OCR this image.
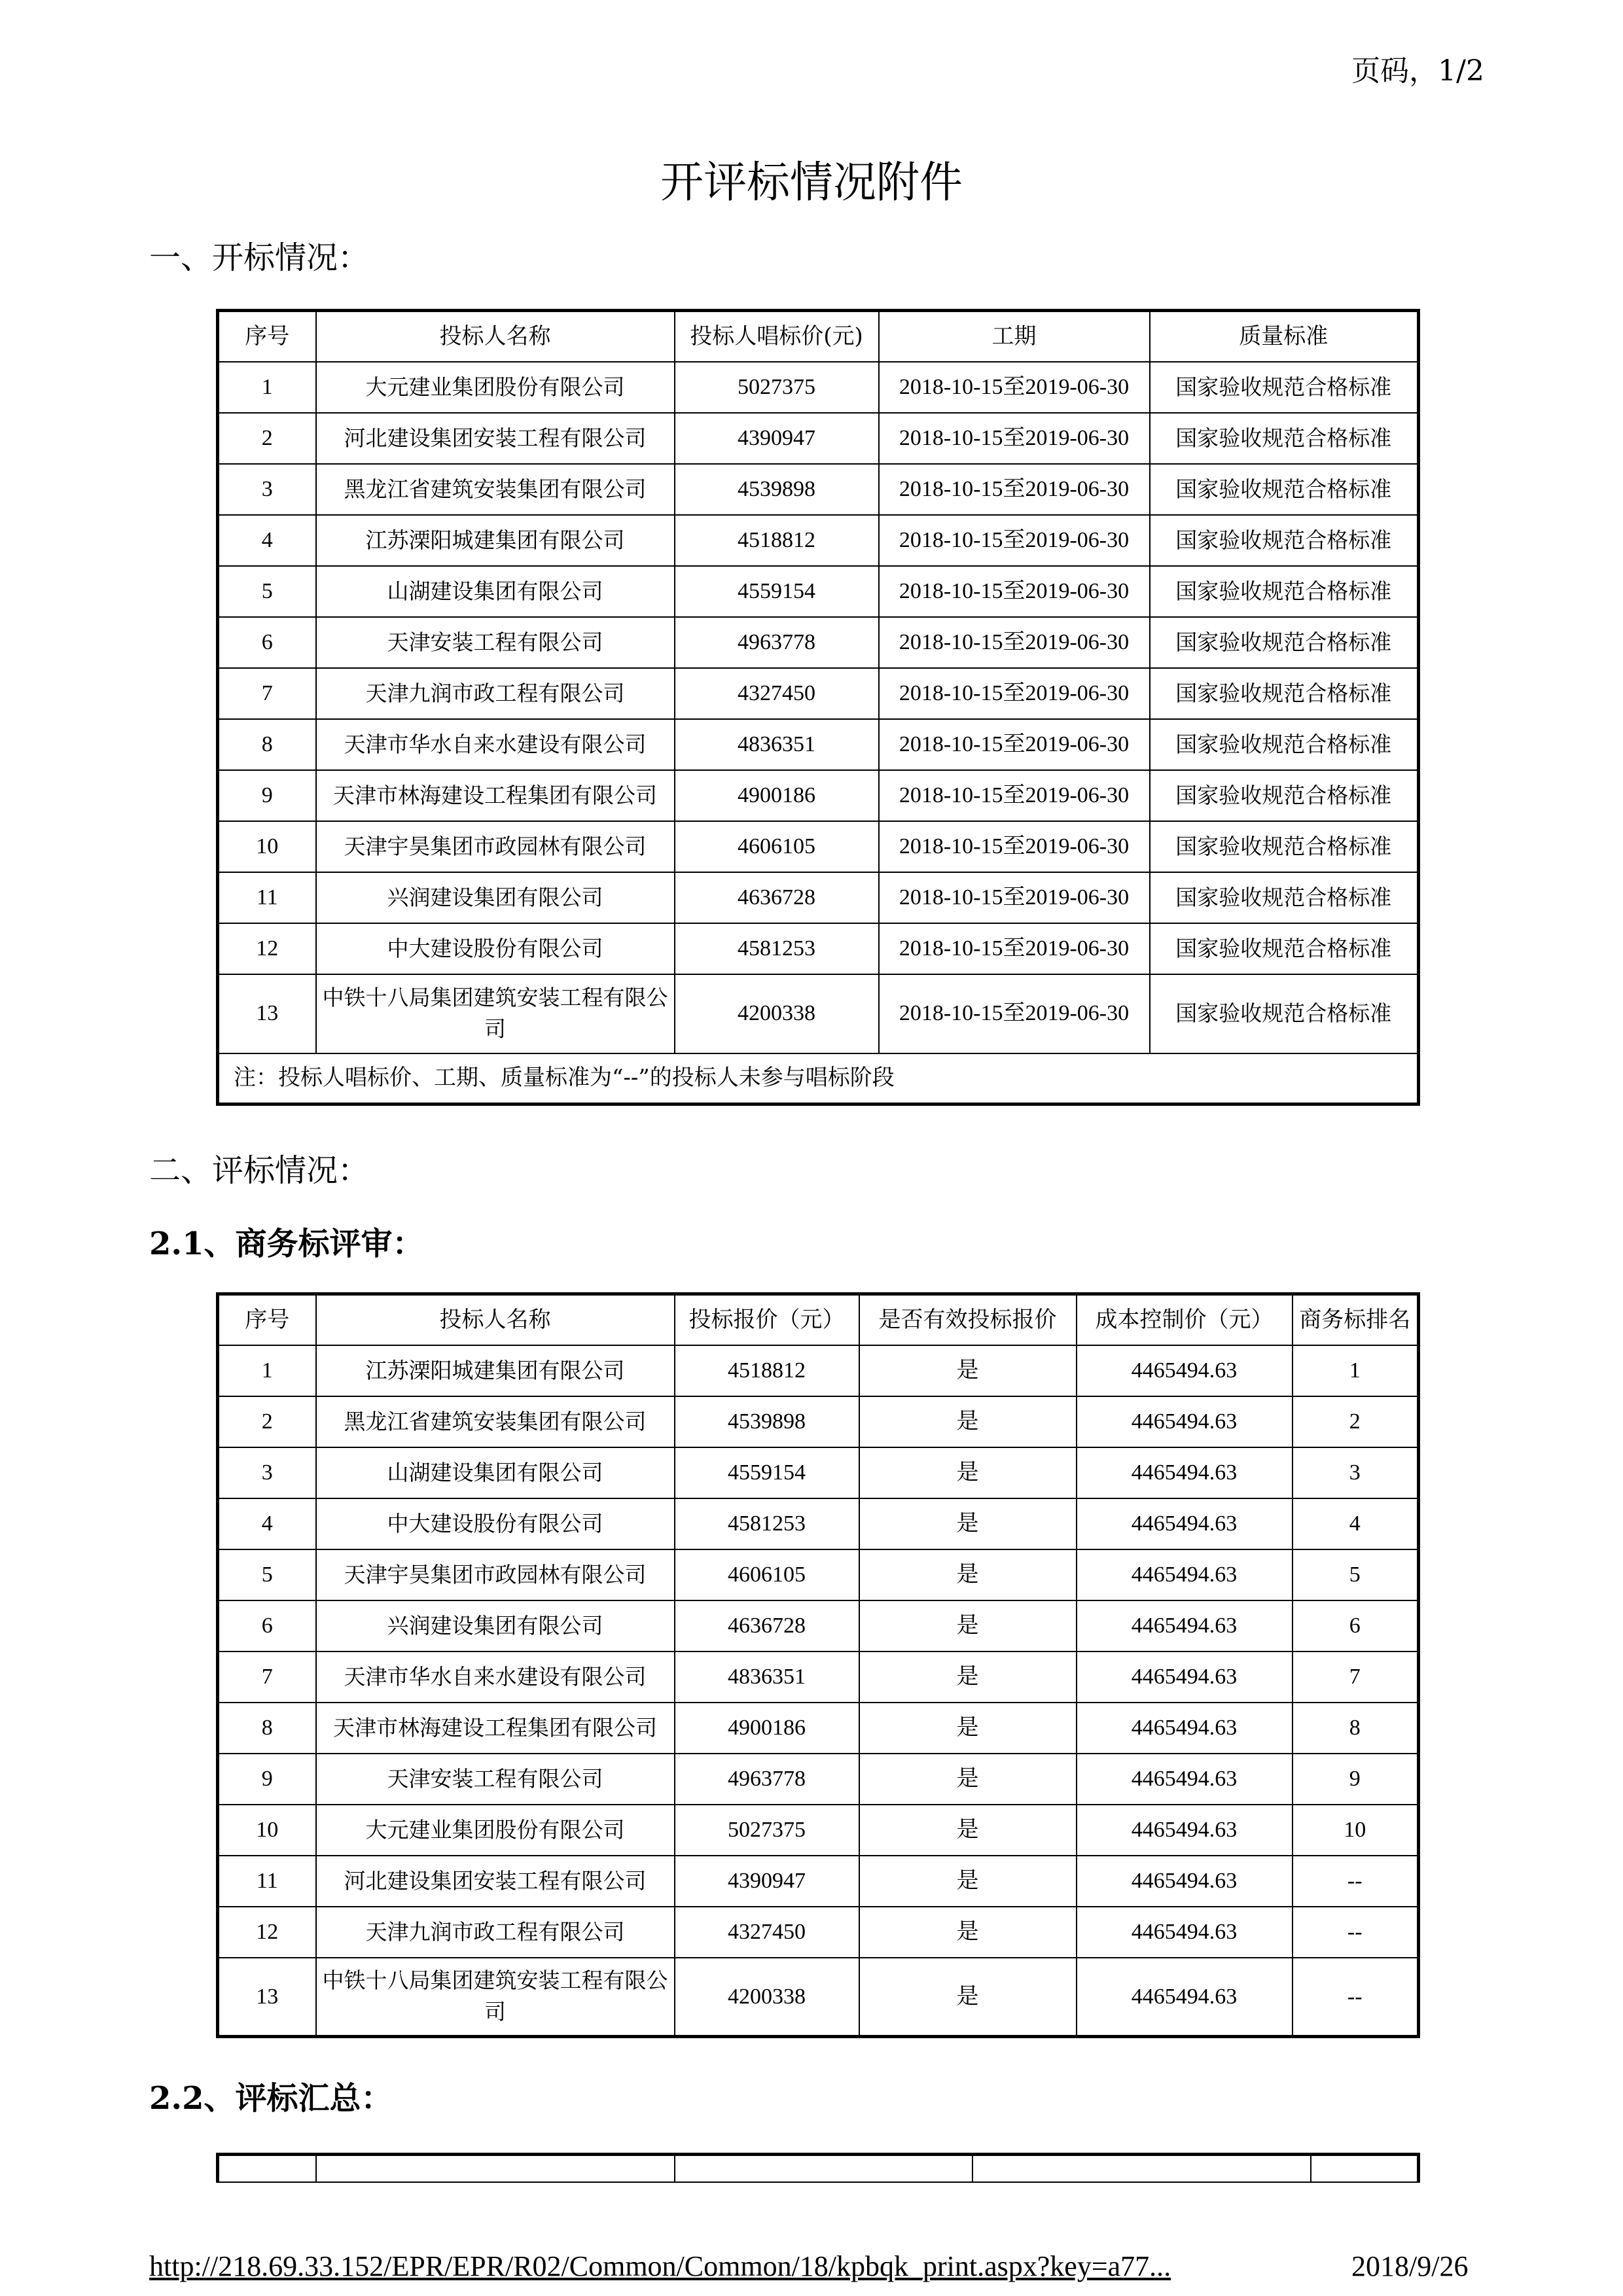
页码，1/2
开评标情况附件
一、开标情况：
序号	投标人名称	投标人唱标价(元)	工期	质量标准
1	大元建业集团股份有限公司	5027375	2018-10-15至2019-06-30	国家验收规范合格标准
2	河北建设集团安装工程有限公司	4390947	2018-10-15至2019-06-30	国家验收规范合格标准
3	黑龙江省建筑安装集团有限公司	4539898	2018-10-15至2019-06-30	国家验收规范合格标准
4	江苏溧阳城建集团有限公司	4518812	2018-10-15至2019-06-30	国家验收规范合格标准
5	山湖建设集团有限公司	4559154	2018-10-15至2019-06-30	国家验收规范合格标准
6	天津安装工程有限公司	4963778	2018-10-15至2019-06-30	国家验收规范合格标准
7	天津九润市政工程有限公司	4327450	2018-10-15至2019-06-30	国家验收规范合格标准
8	天津市华水自来水建设有限公司	4836351	2018-10-15至2019-06-30	国家验收规范合格标准
9	天津市林海建设工程集团有限公司	4900186	2018-10-15至2019-06-30	国家验收规范合格标准
10	天津宇昊集团市政园林有限公司	4606105	2018-10-15至2019-06-30	国家验收规范合格标准
11	兴润建设集团有限公司	4636728	2018-10-15至2019-06-30	国家验收规范合格标准
12	中大建设股份有限公司	4581253	2018-10-15至2019-06-30	国家验收规范合格标准
13	中铁十八局集团建筑安装工程有限公司	4200338	2018-10-15至2019-06-30	国家验收规范合格标准
注：投标人唱标价、工期、质量标准为“--”的投标人未参与唱标阶段				
二、评标情况：
2.1、商务标评审：
序号	投标人名称	投标报价（元）	是否有效投标报价	成本控制价（元）	商务标排名
1	江苏溧阳城建集团有限公司	4518812	是	4465494.63	1
2	黑龙江省建筑安装集团有限公司	4539898	是	4465494.63	2
3	山湖建设集团有限公司	4559154	是	4465494.63	3
4	中大建设股份有限公司	4581253	是	4465494.63	4
5	天津宇昊集团市政园林有限公司	4606105	是	4465494.63	5
6	兴润建设集团有限公司	4636728	是	4465494.63	6
7	天津市华水自来水建设有限公司	4836351	是	4465494.63	7
8	天津市林海建设工程集团有限公司	4900186	是	4465494.63	8
9	天津安装工程有限公司	4963778	是	4465494.63	9
10	大元建业集团股份有限公司	5027375	是	4465494.63	10
11	河北建设集团安装工程有限公司	4390947	是	4465494.63	--
12	天津九润市政工程有限公司	4327450	是	4465494.63	--
13	中铁十八局集团建筑安装工程有限公司	4200338	是	4465494.63	--
2.2、评标汇总：

http://218.69.33.152/EPR/EPR/R02/Common/Common/18/kpbqk_print.aspx?key=a77...	2018/9/26
